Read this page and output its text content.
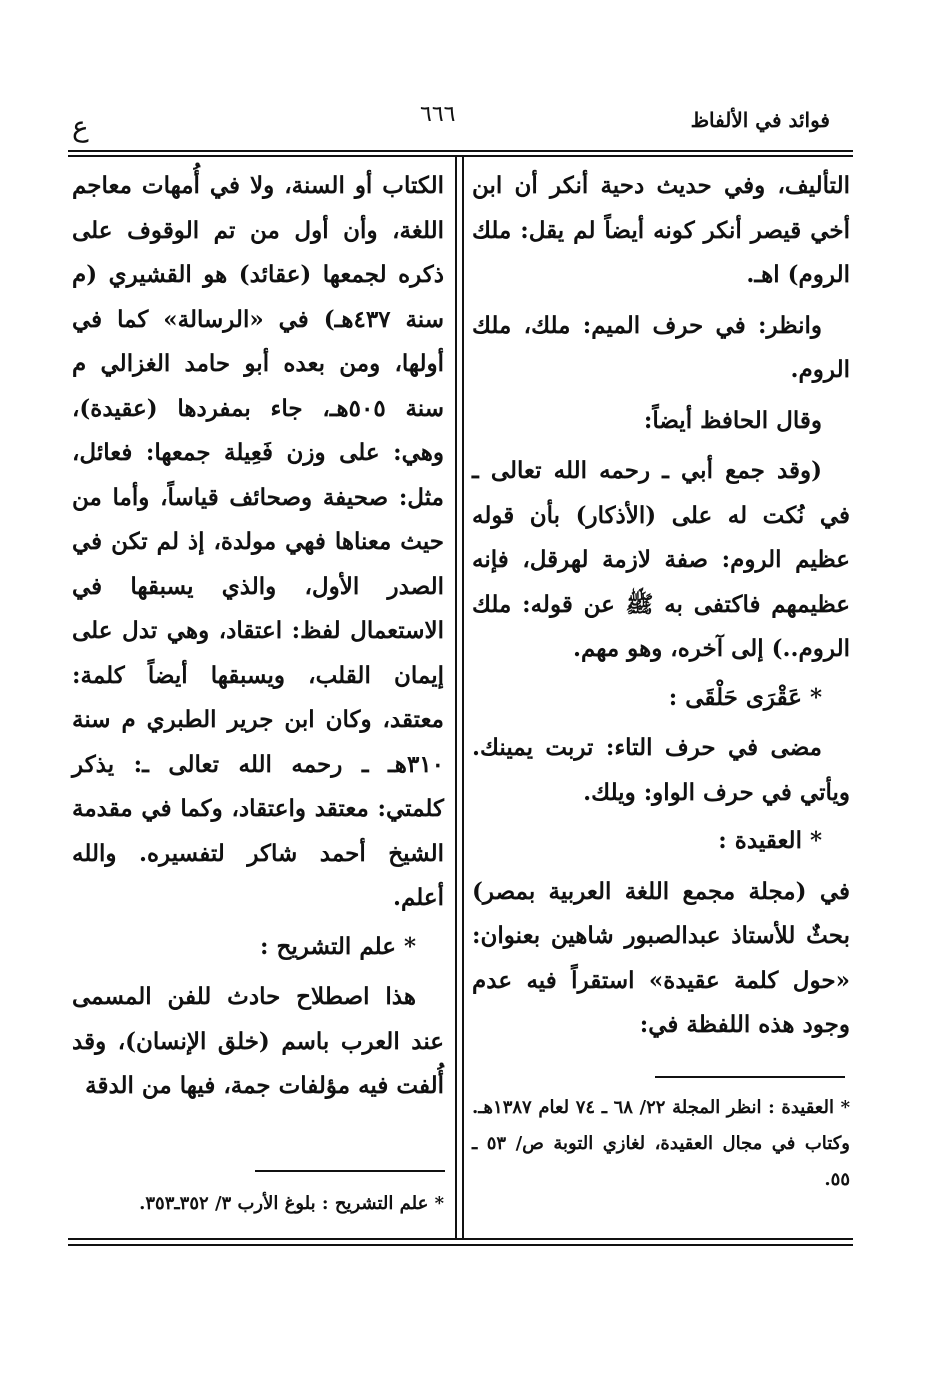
فوائد في الألفاظ
٦٦٦
ع

التأليف، وفي حديث دحية أنكر أن ابن أخي قيصر أنكر كونه أيضاً لم يقل: ملك الروم) اهـ.

وانظر: في حرف الميم: ملك، ملك الروم.

وقال الحافظ أيضاً:

(وقد جمع أبي ـ رحمه الله تعالى ـ في نُكت له على (الأذكار) بأن قوله عظيم الروم: صفة لازمة لهرقل، فإنه عظيمهم فاكتفى به ﷺ عن قوله: ملك الروم..) إلى آخره، وهو مهم.

* عَقْرَى حَلْقَى :

مضى في حرف التاء: تربت يمينك. ويأتي في حرف الواو: ويلك.

* العقيدة :

في (مجلة مجمع اللغة العربية بمصر) بحثٌ للأستاذ عبدالصبور شاهين بعنوان: «حول كلمة عقيدة» استقراً فيه عدم وجود هذه اللفظة في:

* العقيدة : انظر المجلة ٢٢/ ٦٨ ـ ٧٤ لعام ١٣٨٧هـ. وكتاب في مجال العقيدة، لغازي التوبة ص/ ٥٣ ـ ٥٥.

الكتاب أو السنة، ولا في أُمهات معاجم اللغة، وأن أول من تم الوقوف على ذكره لجمعها (عقائد) هو القشيري (م سنة ٤٣٧هـ) في «الرسالة» كما في أولها، ومن بعده أبو حامد الغزالي م سنة ٥٠٥هـ، جاء بمفردها (عقيدة)، وهي: على وزن فَعِيلة جمعها: فعائل، مثل: صحيفة وصحائف قياساً، وأما من حيث معناها فهي مولدة، إذ لم تكن في الصدر الأول، والذي يسبقها في الاستعمال لفظ: اعتقاد، وهي تدل على إيمان القلب، ويسبقها أيضاً كلمة: معتقد، وكان ابن جرير الطبري م سنة ٣١٠هـ ـ رحمه الله تعالى ـ: يذكر كلمتي: معتقد واعتقاد، وكما في مقدمة الشيخ أحمد شاكر لتفسيره. والله أعلم.

* علم التشريح :

هذا اصطلاح حادث للفن المسمى عند العرب باسم (خلق الإنسان)، وقد أُلفت فيه مؤلفات جمة، فيها من الدقة

* علم التشريح : بلوغ الأرب ٣/ ٣٥٢ـ٣٥٣.
